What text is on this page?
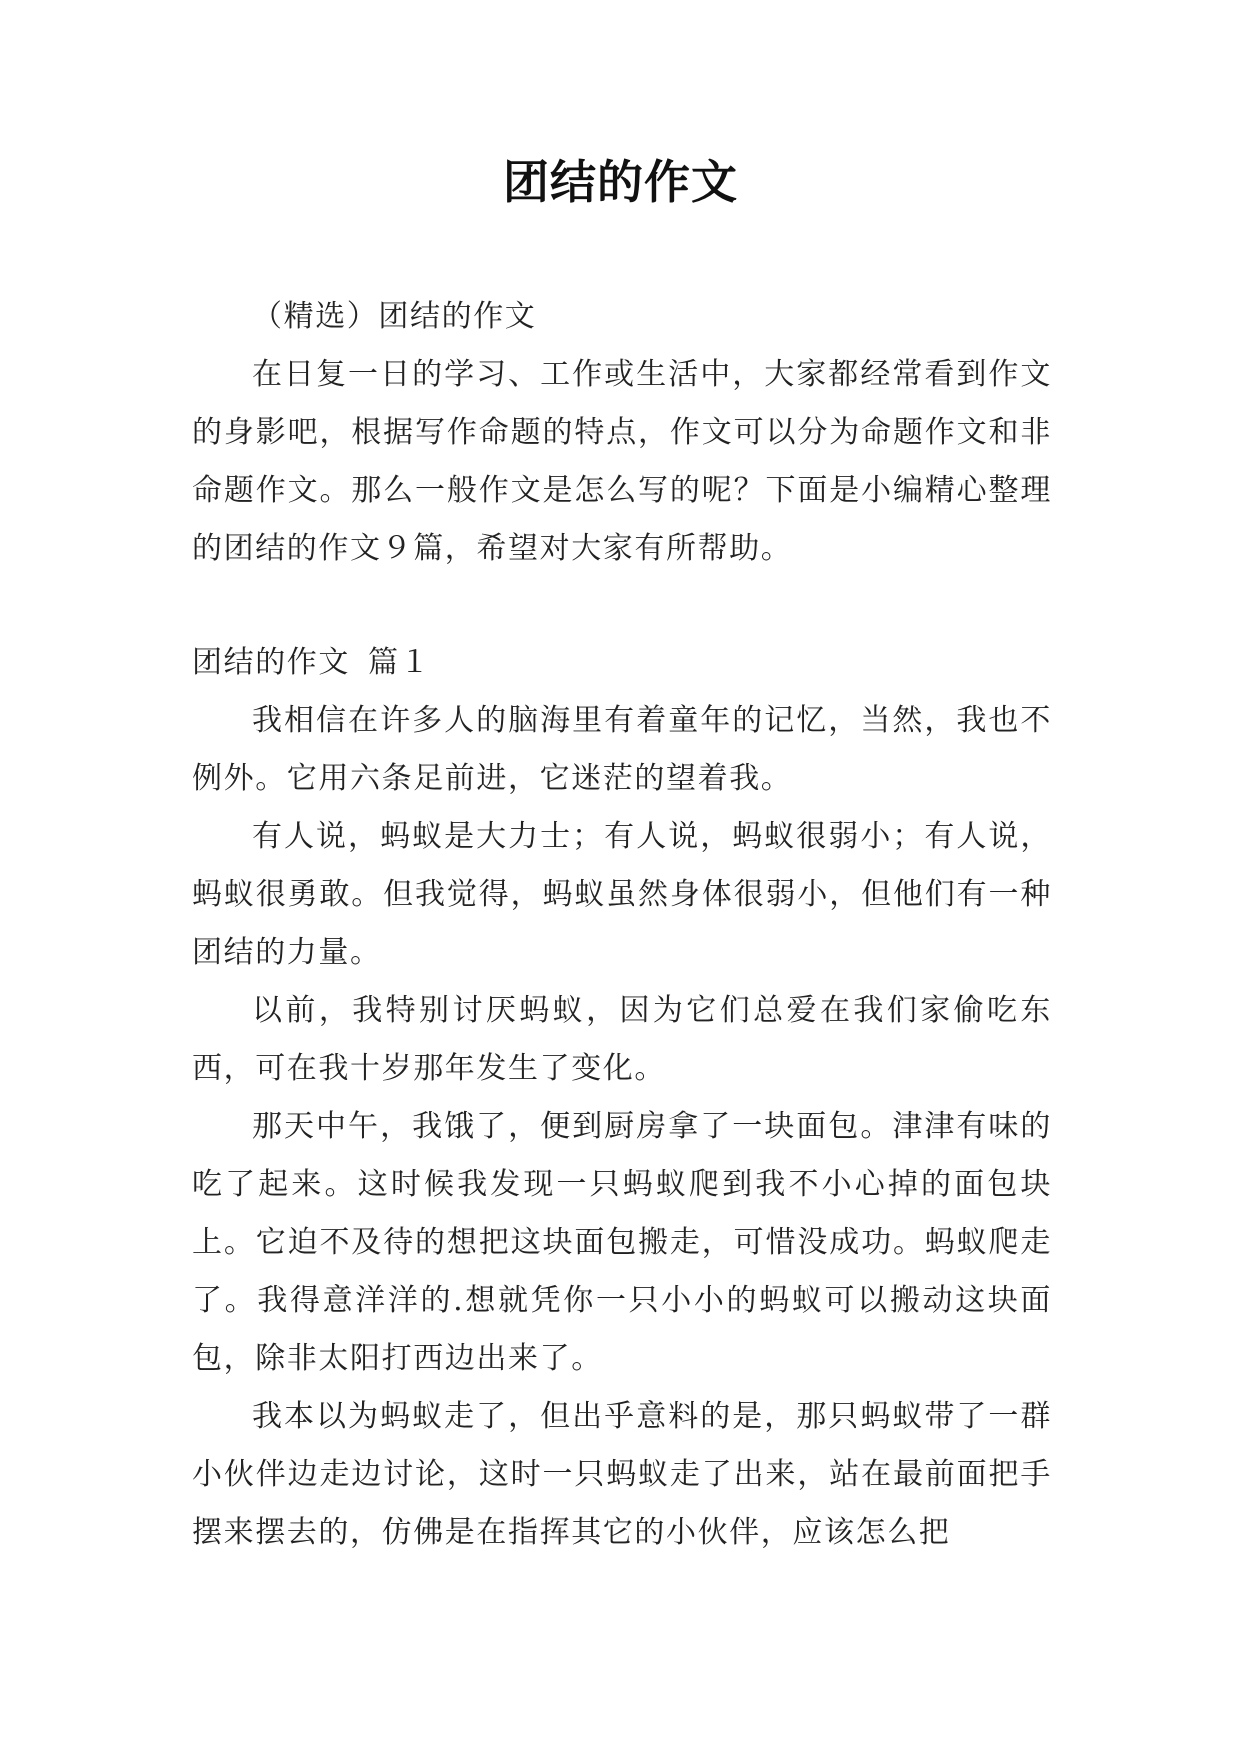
团结的作文

（精选）团结的作文

在日复一日的学习、工作或生活中，大家都经常看到作文的身影吧，根据写作命题的特点，作文可以分为命题作文和非命题作文。那么一般作文是怎么写的呢？下面是小编精心整理的团结的作文９篇，希望对大家有所帮助。

团结的作文 篇１

我相信在许多人的脑海里有着童年的记忆，当然，我也不例外。它用六条足前进，它迷茫的望着我。

有人说，蚂蚁是大力士；有人说，蚂蚁很弱小；有人说，蚂蚁很勇敢。但我觉得，蚂蚁虽然身体很弱小，但他们有一种团结的力量。

以前，我特别讨厌蚂蚁，因为它们总爱在我们家偷吃东西，可在我十岁那年发生了变化。

那天中午，我饿了，便到厨房拿了一块面包。津津有味的吃了起来。这时候我发现一只蚂蚁爬到我不小心掉的面包块上。它迫不及待的想把这块面包搬走，可惜没成功。蚂蚁爬走了。我得意洋洋的.想就凭你一只小小的蚂蚁可以搬动这块面包，除非太阳打西边出来了。

我本以为蚂蚁走了，但出乎意料的是，那只蚂蚁带了一群小伙伴边走边讨论，这时一只蚂蚁走了出来，站在最前面把手摆来摆去的，仿佛是在指挥其它的小伙伴，应该怎么把
